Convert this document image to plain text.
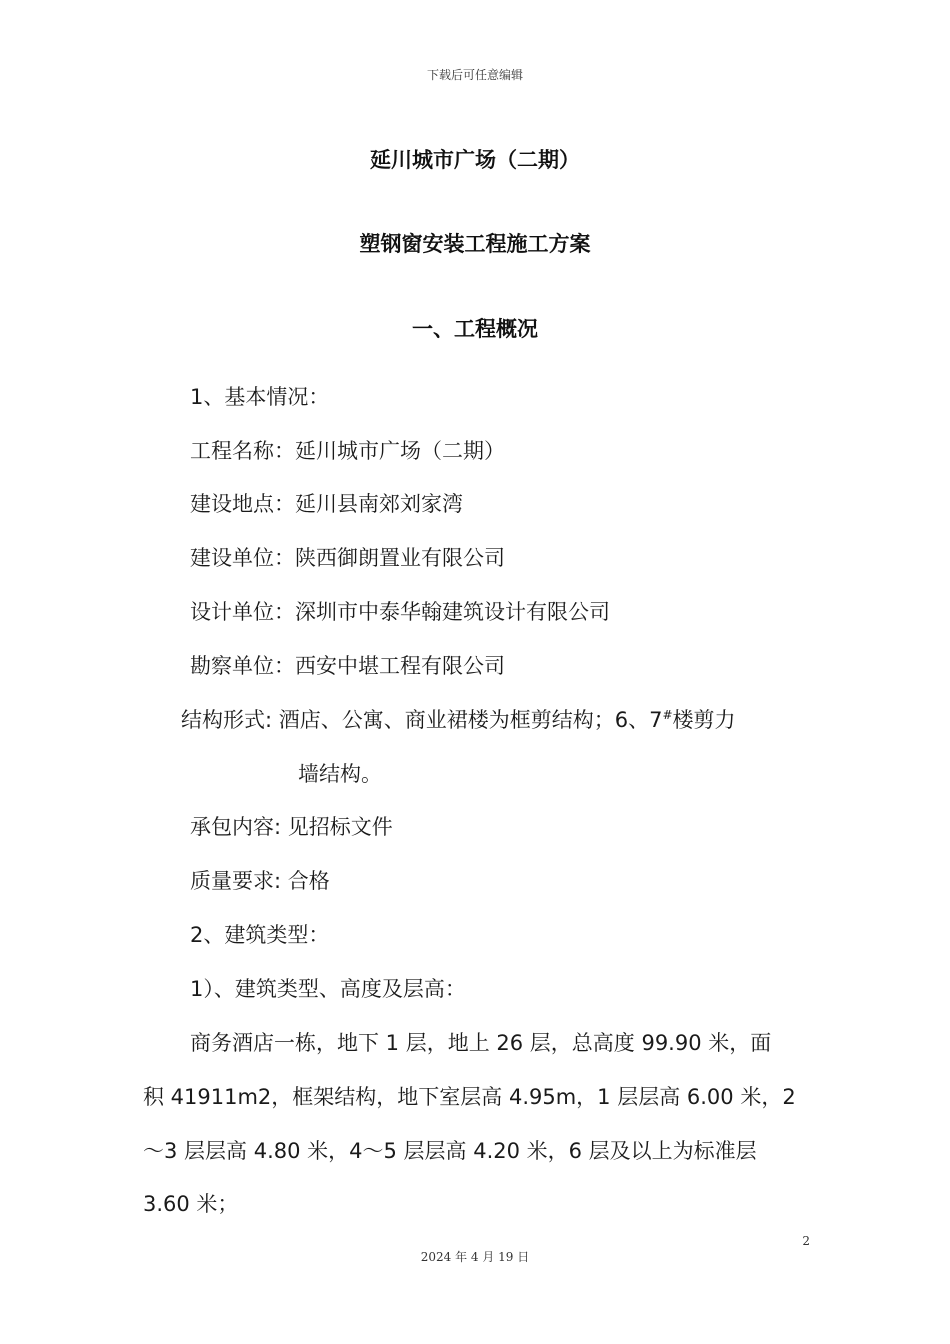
下载后可任意编辑
延川城市广场（二期）
塑钢窗安装工程施工方案
一、工程概况
1、基本情况：
工程名称：延川城市广场（二期）
建设地点：延川县南郊刘家湾
建设单位：陕西御朗置业有限公司
设计单位：深圳市中泰华翰建筑设计有限公司
勘察单位：西安中堪工程有限公司
结构形式: 酒店、公寓、商业裙楼为框剪结构；6、7#楼剪力
墙结构。
承包内容: 见招标文件
质量要求: 合格
2、建筑类型：
1）、建筑类型、高度及层高：
商务酒店一栋，地下 1 层，地上 26 层，总高度 99.90 米，面
积 41911m2，框架结构，地下室层高 4.95m，1 层层高 6.00 米，2
～3 层层高 4.80 米，4～5 层层高 4.20 米，6 层及以上为标准层
3.60 米；
2
2024 年 4 月 19 日
